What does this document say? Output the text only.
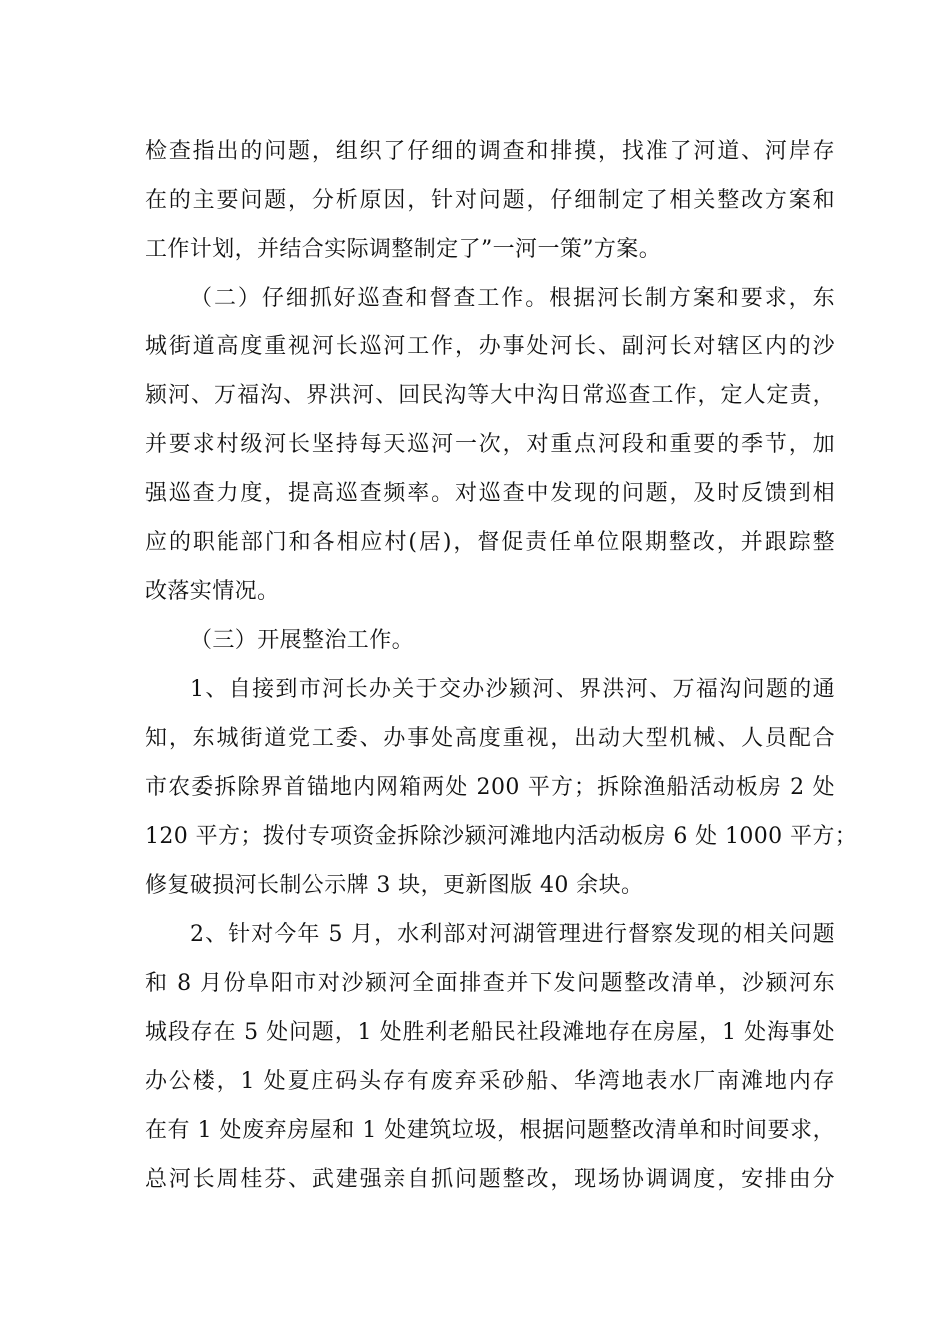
检查指出的问题，组织了仔细的调查和排摸，找准了河道、河岸存
在的主要问题，分析原因，针对问题，仔细制定了相关整改方案和
工作计划，并结合实际调整制定了”一河一策”方案。
（二）仔细抓好巡查和督查工作。根据河长制方案和要求，东
城街道高度重视河长巡河工作，办事处河长、副河长对辖区内的沙
颍河、万福沟、界洪河、回民沟等大中沟日常巡查工作，定人定责，
并要求村级河长坚持每天巡河一次，对重点河段和重要的季节，加
强巡查力度，提高巡查频率。对巡查中发现的问题，及时反馈到相
应的职能部门和各相应村(居)，督促责任单位限期整改，并跟踪整
改落实情况。
（三）开展整治工作。
1、自接到市河长办关于交办沙颍河、界洪河、万福沟问题的通
知，东城街道党工委、办事处高度重视，出动大型机械、人员配合
市农委拆除界首锚地内网箱两处 200 平方；拆除渔船活动板房 2 处
120 平方；拨付专项资金拆除沙颍河滩地内活动板房 6 处 1000 平方；
修复破损河长制公示牌 3 块，更新图版 40 余块。
2、针对今年 5 月，水利部对河湖管理进行督察发现的相关问题
和 8 月份阜阳市对沙颍河全面排查并下发问题整改清单，沙颍河东
城段存在 5 处问题，1 处胜利老船民社段滩地存在房屋，1 处海事处
办公楼，1 处夏庄码头存有废弃采砂船、华湾地表水厂南滩地内存
在有 1 处废弃房屋和 1 处建筑垃圾，根据问题整改清单和时间要求，
总河长周桂芬、武建强亲自抓问题整改，现场协调调度，安排由分
